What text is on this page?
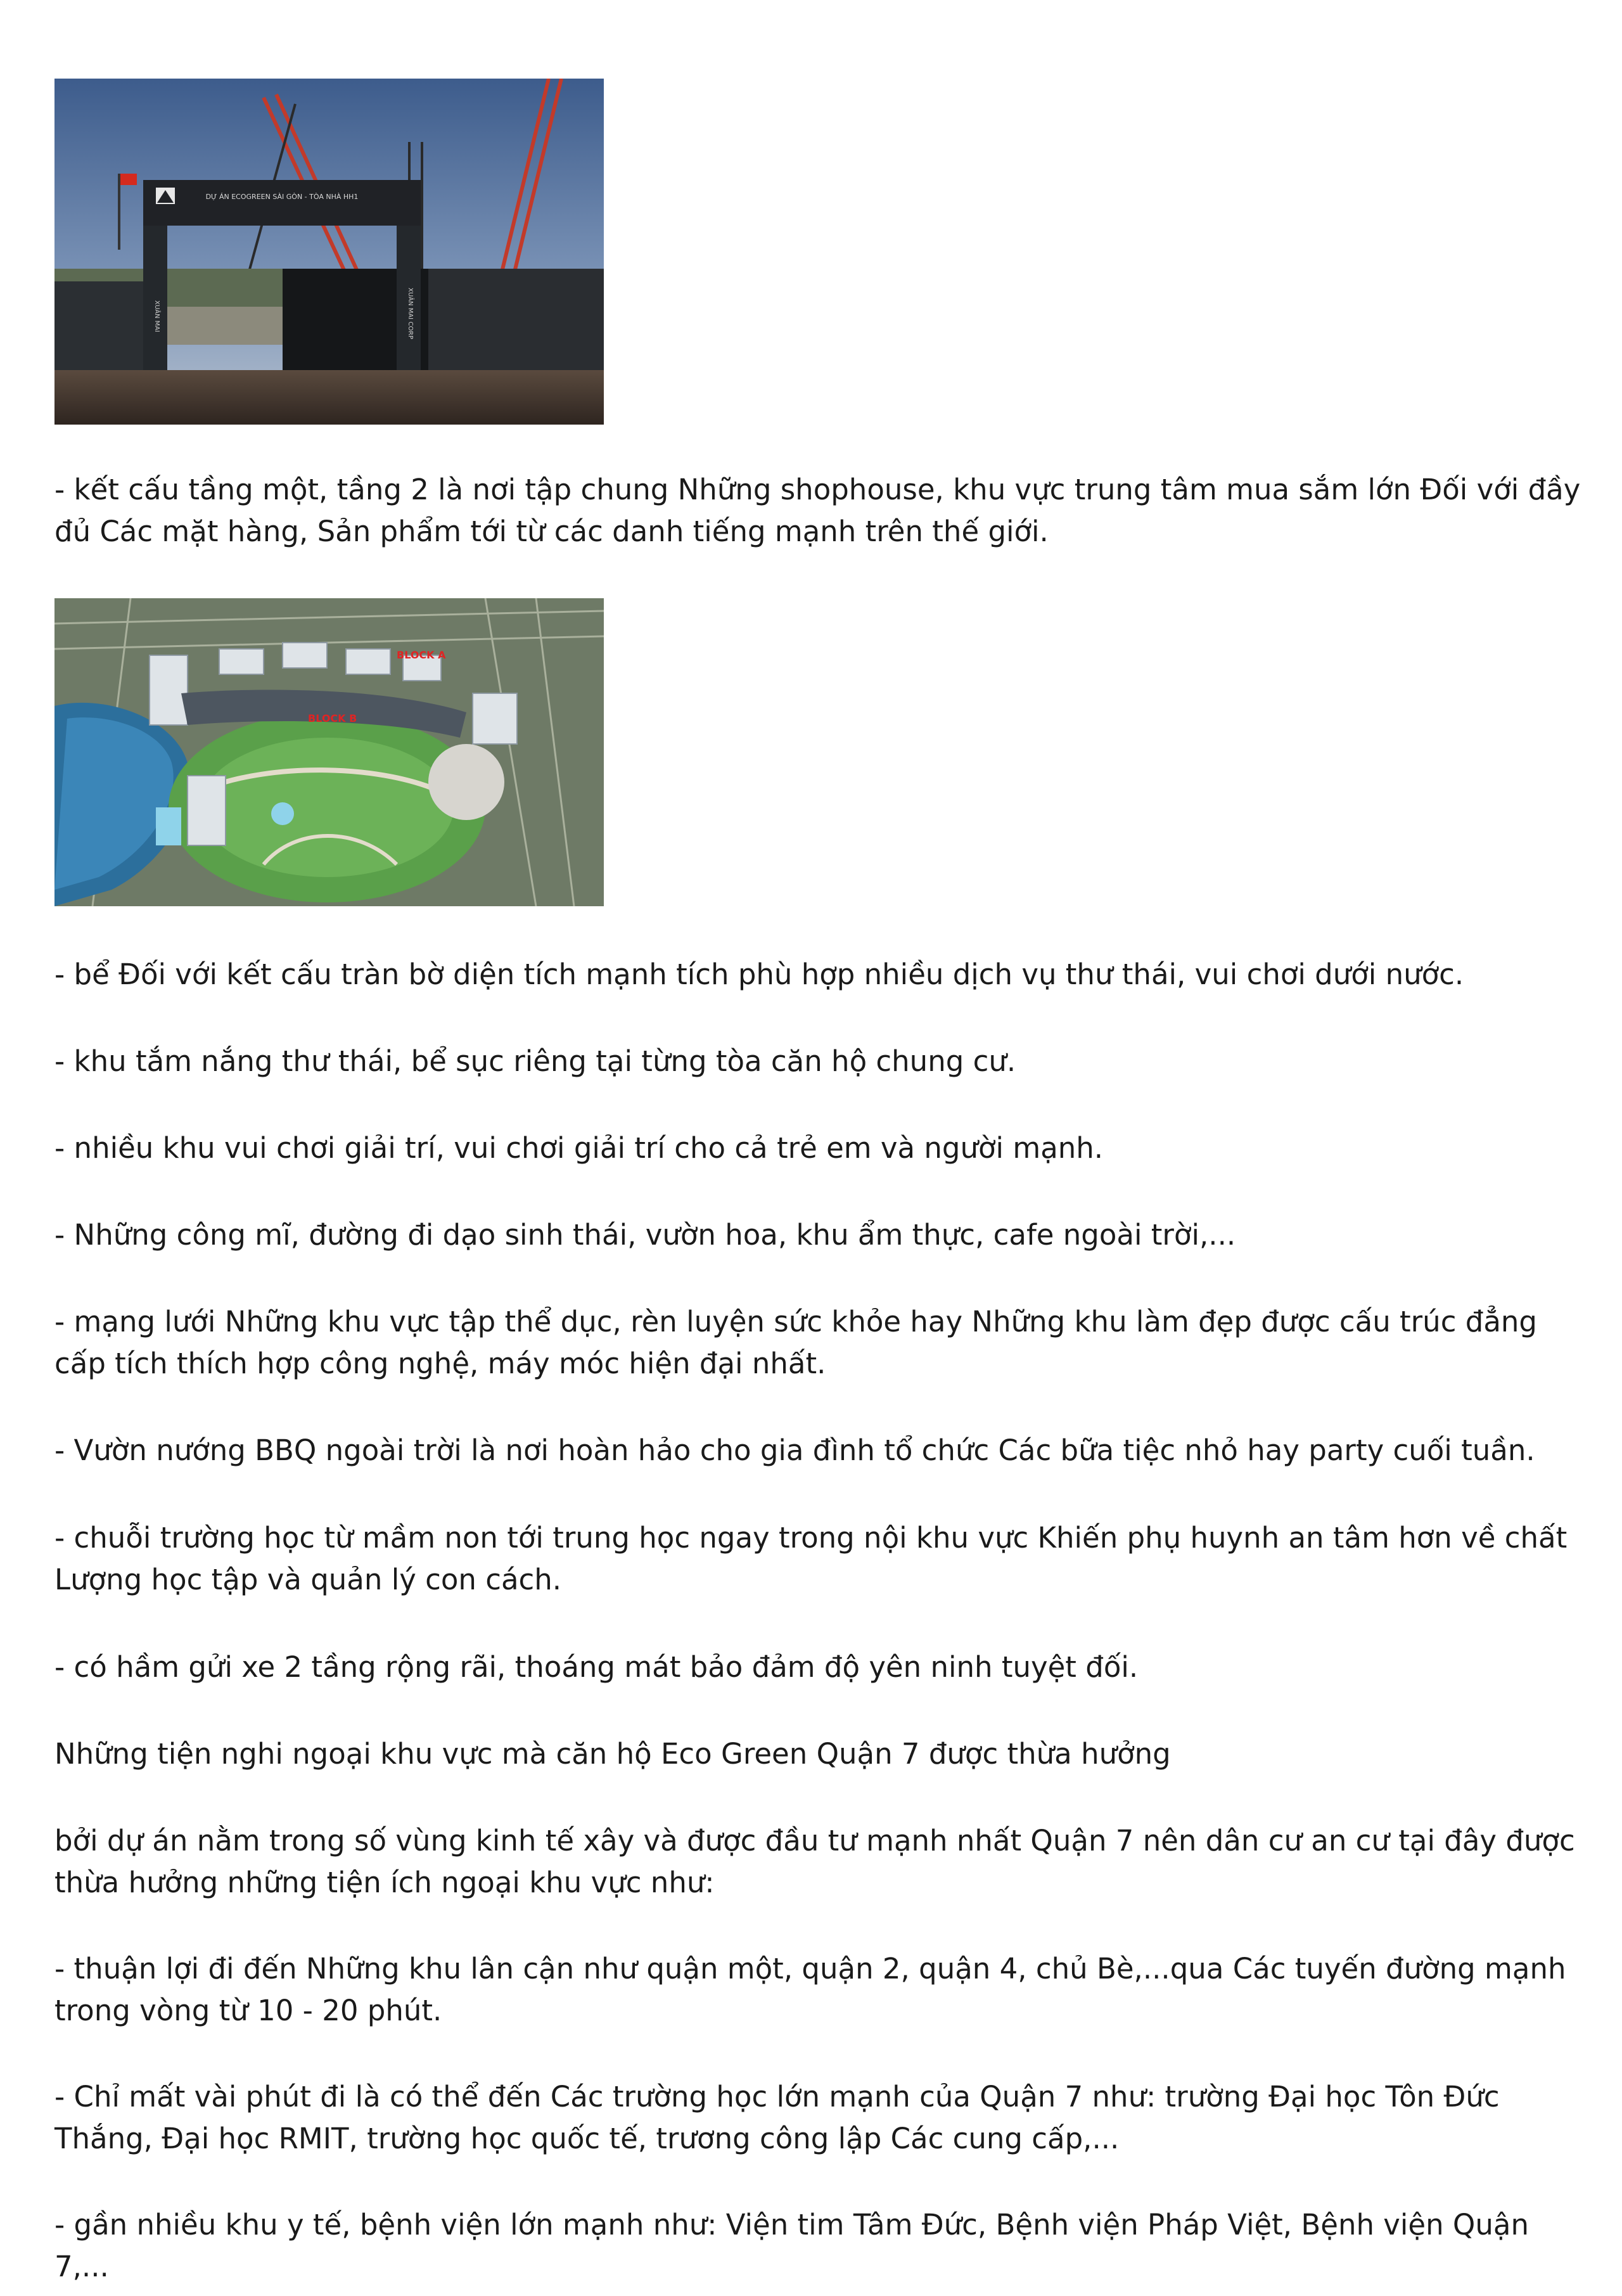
DỰ ÁN ECOGREEN SÀI GÒN - TÒA NHÀ HH1
XUÂN MAI	XUÂN MAI CORP

- kết cấu tầng một, tầng 2 là nơi tập chung Những shophouse, khu vực trung tâm mua sắm lớn Đối với đầy đủ Các mặt hàng, Sản phẩm tới từ các danh tiếng mạnh trên thế giới.

BLOCK A
BLOCK B

- bể Đối với kết cấu tràn bờ diện tích mạnh tích phù hợp nhiều dịch vụ thư thái, vui chơi dưới nước.

- khu tắm nắng thư thái, bể sục riêng tại từng tòa căn hộ chung cư.

- nhiều khu vui chơi giải trí, vui chơi giải trí cho cả trẻ em và người mạnh.

- Những công mĩ, đường đi dạo sinh thái, vườn hoa, khu ẩm thực, cafe ngoài trời,...

- mạng lưới Những khu vực tập thể dục, rèn luyện sức khỏe hay Những khu làm đẹp được cấu trúc đẳng cấp tích thích hợp công nghệ, máy móc hiện đại nhất.

- Vườn nướng BBQ ngoài trời là nơi hoàn hảo cho gia đình tổ chức Các bữa tiệc nhỏ hay party cuối tuần.

- chuỗi trường học từ mầm non tới trung học ngay trong nội khu vực Khiến phụ huynh an tâm hơn về chất Lượng học tập và quản lý con cách.

- có hầm gửi xe 2 tầng rộng rãi, thoáng mát bảo đảm độ yên ninh tuyệt đối.

Những tiện nghi ngoại khu vực mà căn hộ Eco Green Quận 7 được thừa hưởng

bởi dự án nằm trong số vùng kinh tế xây và được đầu tư mạnh nhất Quận 7 nên dân cư an cư tại đây được thừa hưởng những tiện ích ngoại khu vực như:

- thuận lợi đi đến Những khu lân cận như quận một, quận 2, quận 4, chủ Bè,...qua Các tuyến đường mạnh trong vòng từ 10 - 20 phút.

- Chỉ mất vài phút đi là có thể đến Các trường học lớn mạnh của Quận 7 như: trường Đại học Tôn Đức Thắng, Đại học RMIT, trường học quốc tế, trương công lập Các cung cấp,...

- gần nhiều khu y tế, bệnh viện lớn mạnh như: Viện tim Tâm Đức, Bệnh viện Pháp Việt, Bệnh viện Quận 7,...
